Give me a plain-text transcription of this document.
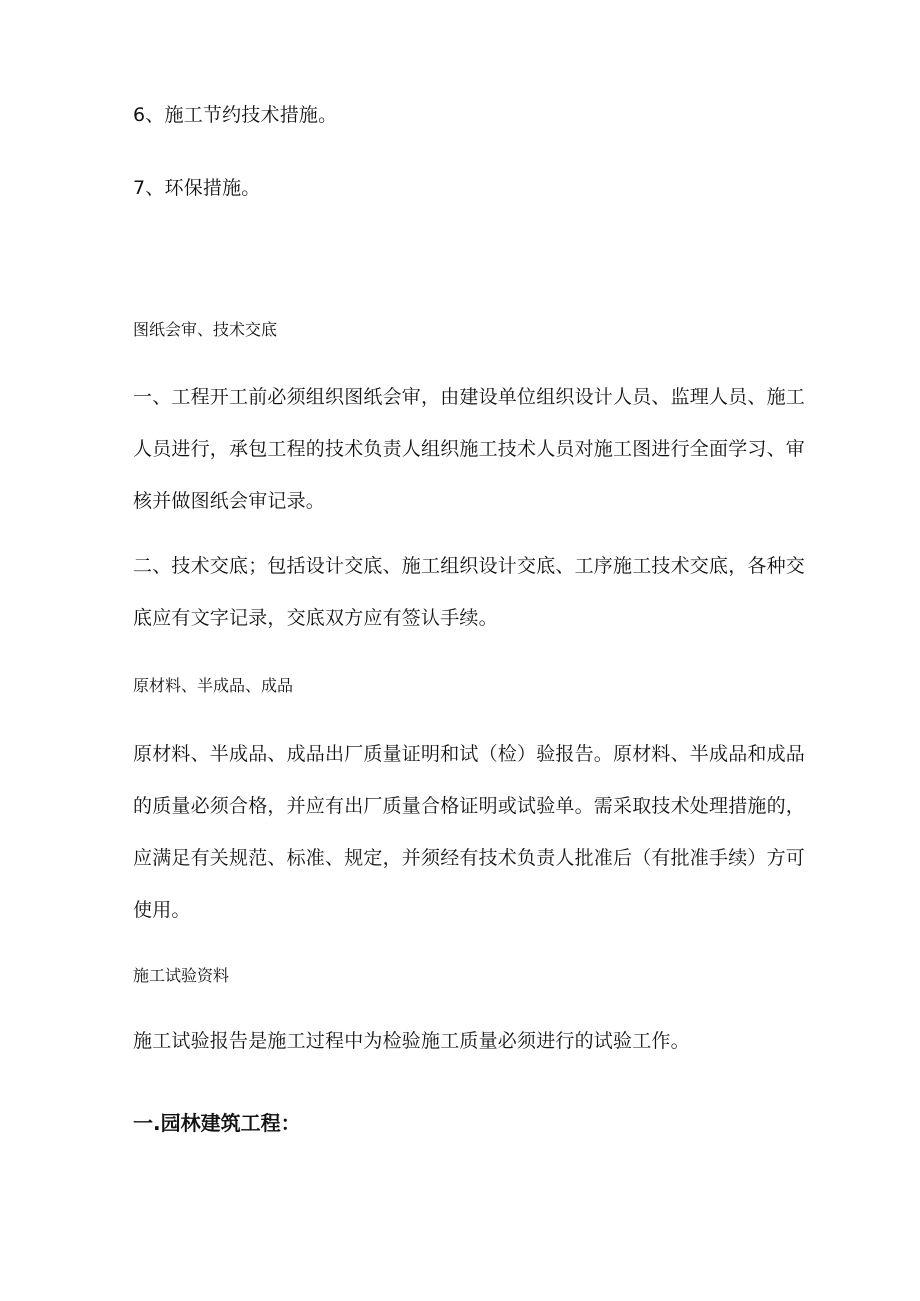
6、施工节约技术措施。

7、环保措施。

图纸会审、技术交底

一、工程开工前必须组织图纸会审，由建设单位组织设计人员、监理人员、施工人员进行，承包工程的技术负责人组织施工技术人员对施工图进行全面学习、审核并做图纸会审记录。

二、技术交底；包括设计交底、施工组织设计交底、工序施工技术交底，各种交底应有文字记录，交底双方应有签认手续。

原材料、半成品、成品

原材料、半成品、成品出厂质量证明和试（检）验报告。原材料、半成品和成品的质量必须合格，并应有出厂质量合格证明或试验单。需采取技术处理措施的，应满足有关规范、标准、规定，并须经有技术负责人批准后（有批准手续）方可使用。

施工试验资料

施工试验报告是施工过程中为检验施工质量必须进行的试验工作。

一.园林建筑工程：
